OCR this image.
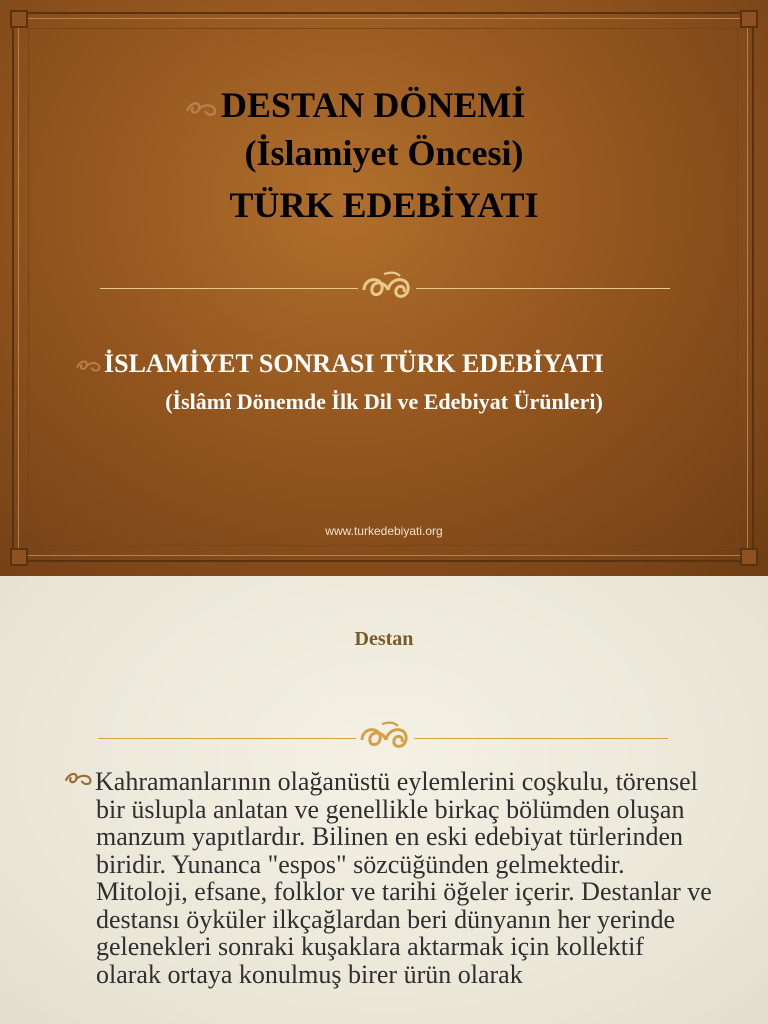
DESTAN DÖNEMİ
(İslamiyet Öncesi)
TÜRK EDEBİYATI
İSLAMİYET SONRASI TÜRK EDEBİYATI
(İslâmî Dönemde İlk Dil ve Edebiyat Ürünleri)
www.turkedebiyati.org
Destan

Kahramanlarının olağanüstü eylemlerini coşkulu, törensel bir üslupla anlatan ve genellikle birkaç bölümden oluşan manzum yapıtlardır. Bilinen en eski edebiyat türlerinden biridir. Yunanca "espos" sözcüğünden gelmektedir. Mitoloji, efsane, folklor ve tarihi öğeler içerir. Destanlar ve destansı öyküler ilkçağlardan beri dünyanın her yerinde gelenekleri sonraki kuşaklara aktarmak için kollektif olarak ortaya konulmuş birer ürün olarak
